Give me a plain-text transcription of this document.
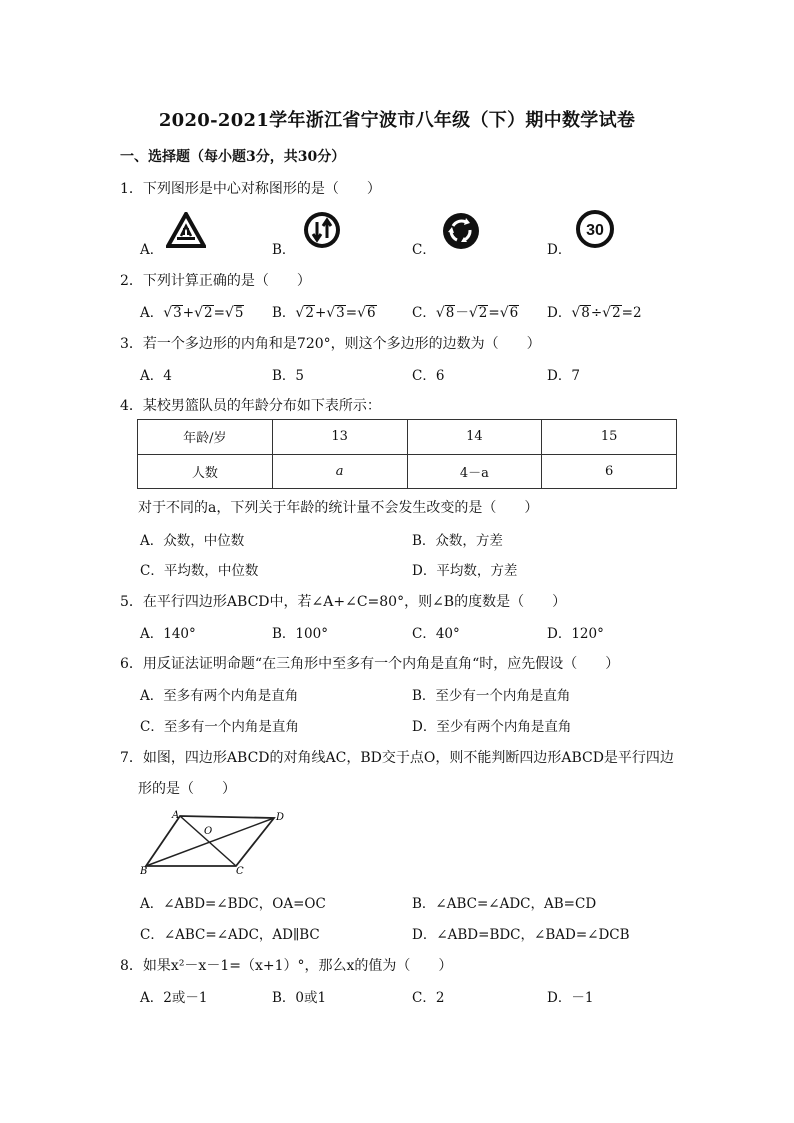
2020-2021学年浙江省宁波市八年级（下）期中数学试卷
一、选择题（每小题3分，共30分）
1．下列图形是中心对称图形的是（　　）
A．	B．	C．	D．
30
2．下列计算正确的是（　　）
A．√3+√2=√5 B．√2+√3=√6	C．√8－√2=√6 D．√8÷√2=2
3．若一个多边形的内角和是720°，则这个多边形的边数为（　　）
A．4	B．5	C．6	D．7
4．某校男篮队员的年龄分布如下表所示：
年龄/岁	13	14	15
人数	a	4－a	6
对于不同的a，下列关于年龄的统计量不会发生改变的是（　　）
A．众数，中位数	B．众数，方差
C．平均数，中位数	D．平均数，方差
5．在平行四边形ABCD中，若∠A+∠C=80°，则∠B的度数是（　　）
A．140°	B．100°	C．40°	D．120°
6．用反证法证明命题“在三角形中至多有一个内角是直角“时，应先假设（　　）
A．至多有两个内角是直角	B．至少有一个内角是直角
C．至多有一个内角是直角	D．至少有两个内角是直角
7．如图，四边形ABCD的对角线AC，BD交于点O，则不能判断四边形ABCD是平行四边
形的是（　　）
A	D
O
B	C
A．∠ABD=∠BDC，OA=OC	B．∠ABC=∠ADC，AB=CD
C．∠ABC=∠ADC，AD∥BC	D．∠ABD=BDC，∠BAD=∠DCB
8．如果x²－x－1=（x+1）°，那么x的值为（　　）
A．2或－1	B．0或1	C．2	D．－1
